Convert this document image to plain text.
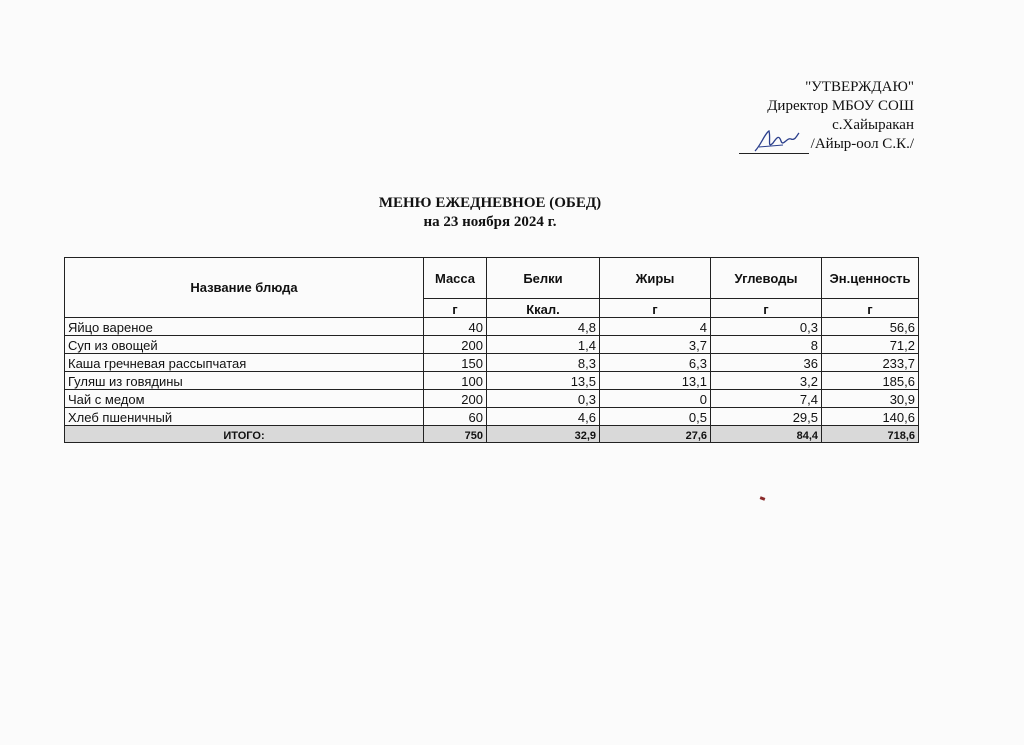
"УТВЕРЖДАЮ"
Директор МБОУ СОШ
с.Хайыракан
/Айыр-оол С.К./
МЕНЮ ЕЖЕДНЕВНОЕ (ОБЕД)
на 23 ноября 2024 г.
Название блюда	Масса	Белки	Жиры	Углеводы	Эн.ценность
	г	Ккал.	г	г	г
Яйцо вареное	40	4,8	4	0,3	56,6
Суп из овощей	200	1,4	3,7	8	71,2
Каша гречневая рассыпчатая	150	8,3	6,3	36	233,7
Гуляш из говядины	100	13,5	13,1	3,2	185,6
Чай с медом	200	0,3	0	7,4	30,9
Хлеб пшеничный	60	4,6	0,5	29,5	140,6
ИТОГО:	750	32,9	27,6	84,4	718,6
